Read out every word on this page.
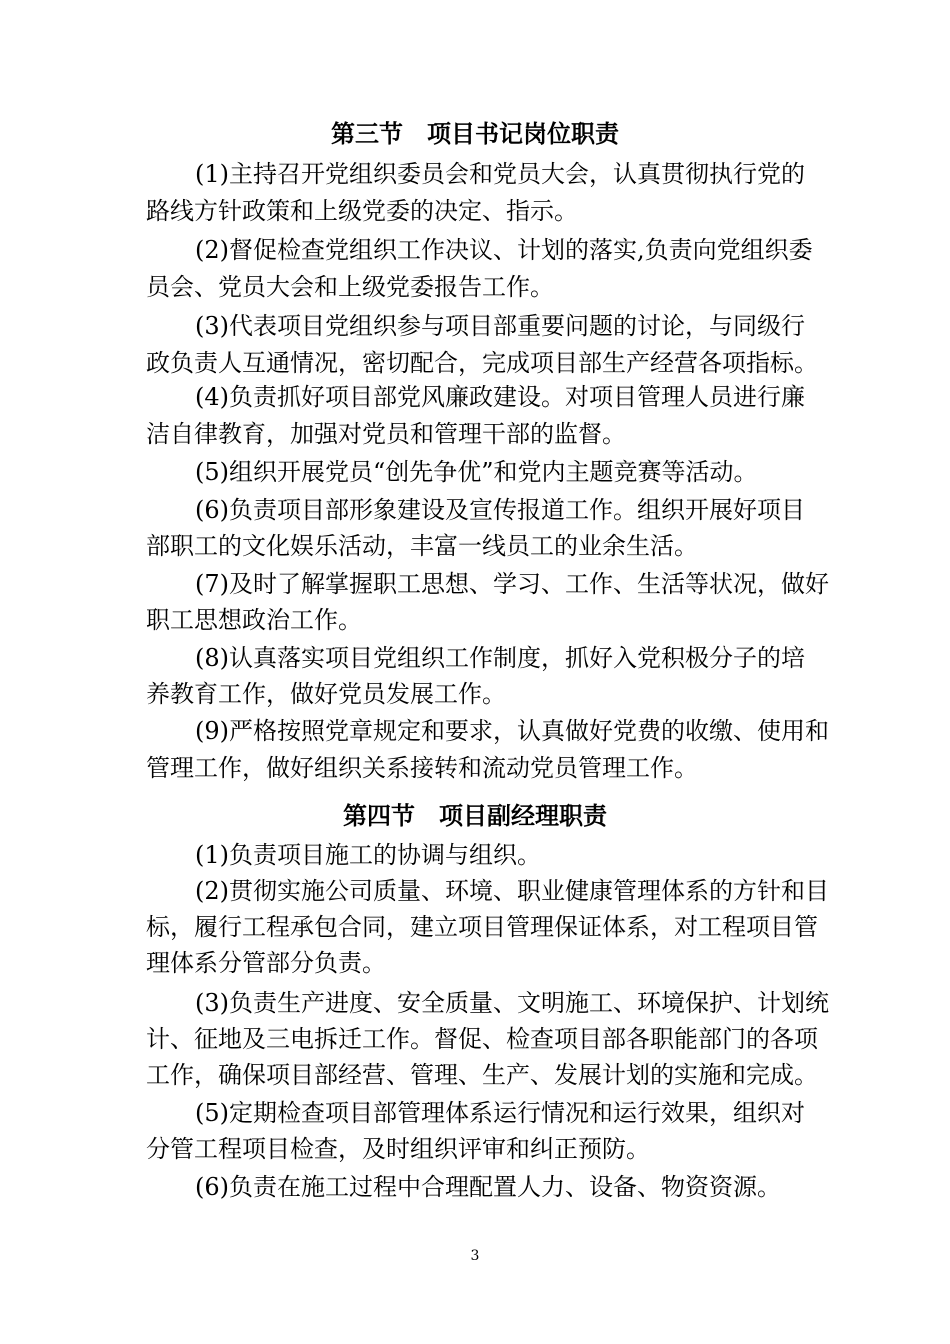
第三节　项目书记岗位职责
(1)主持召开党组织委员会和党员大会，认真贯彻执行党的
路线方针政策和上级党委的决定、指示。
(2)督促检查党组织工作决议、计划的落实,负责向党组织委
员会、党员大会和上级党委报告工作。
(3)代表项目党组织参与项目部重要问题的讨论，与同级行
政负责人互通情况，密切配合，完成项目部生产经营各项指标。
(4)负责抓好项目部党风廉政建设。对项目管理人员进行廉
洁自律教育，加强对党员和管理干部的监督。
(5)组织开展党员“创先争优”和党内主题竞赛等活动。
(6)负责项目部形象建设及宣传报道工作。组织开展好项目
部职工的文化娱乐活动，丰富一线员工的业余生活。
(7)及时了解掌握职工思想、学习、工作、生活等状况，做好
职工思想政治工作。
(8)认真落实项目党组织工作制度，抓好入党积极分子的培
养教育工作，做好党员发展工作。
(9)严格按照党章规定和要求，认真做好党费的收缴、使用和
管理工作，做好组织关系接转和流动党员管理工作。
第四节　项目副经理职责
(1)负责项目施工的协调与组织。
(2)贯彻实施公司质量、环境、职业健康管理体系的方针和目
标，履行工程承包合同，建立项目管理保证体系，对工程项目管
理体系分管部分负责。
(3)负责生产进度、安全质量、文明施工、环境保护、计划统
计、征地及三电拆迁工作。督促、检查项目部各职能部门的各项
工作，确保项目部经营、管理、生产、发展计划的实施和完成。
(5)定期检查项目部管理体系运行情况和运行效果，组织对
分管工程项目检查，及时组织评审和纠正预防。
(6)负责在施工过程中合理配置人力、设备、物资资源。
3
